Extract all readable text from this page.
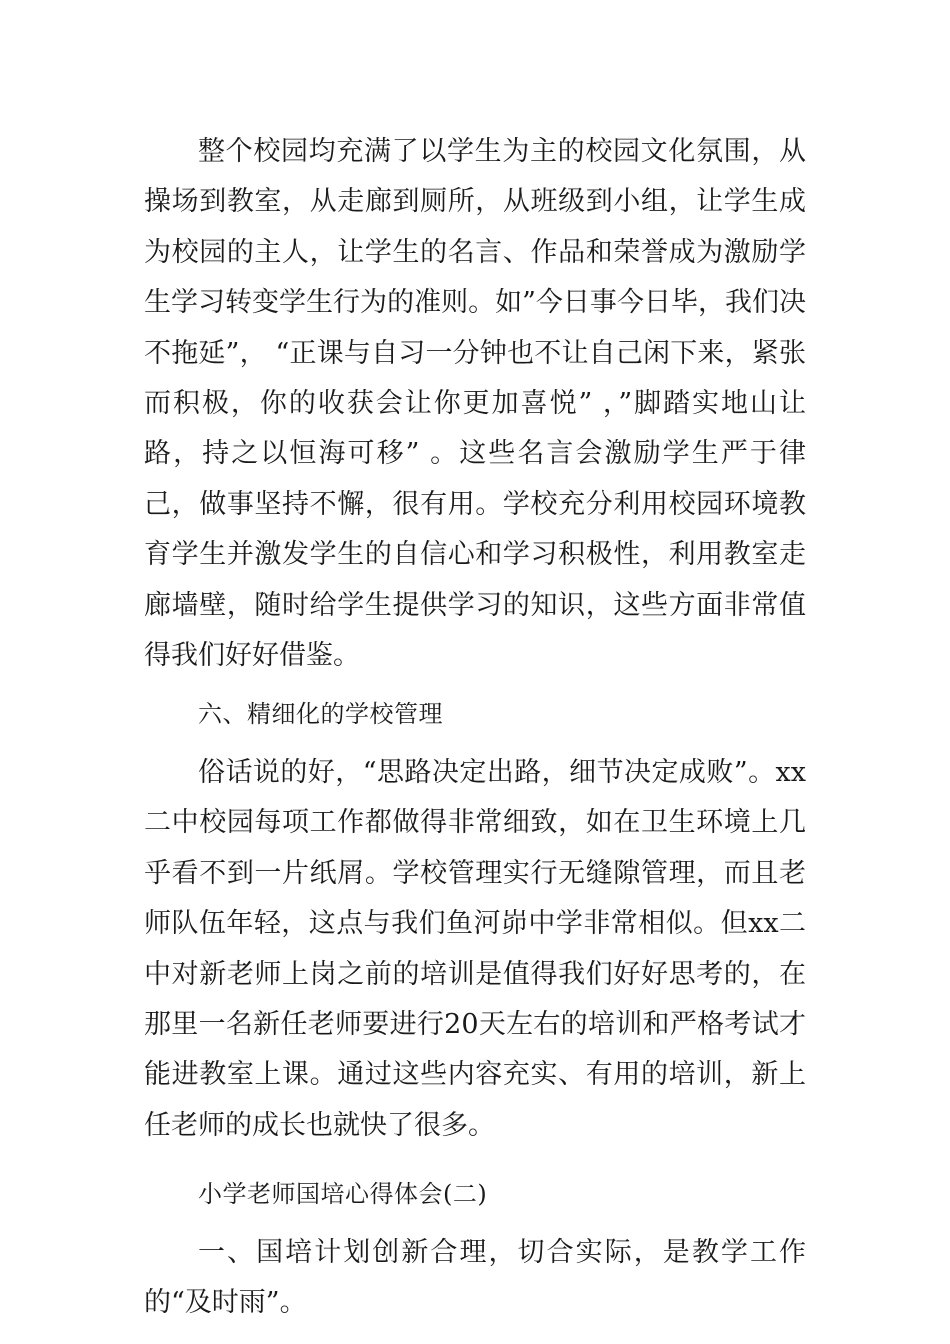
整个校园均充满了以学生为主的校园文化氛围，从操场到教室，从走廊到厕所，从班级到小组，让学生成为校园的主人，让学生的名言、作品和荣誉成为激励学生学习转变学生行为的准则。如”今日事今日毕，我们决不拖延”， “正课与自习一分钟也不让自己闲下来，紧张而积极，你的收获会让你更加喜悦” ，”脚踏实地山让路，持之以恒海可移” 。这些名言会激励学生严于律己，做事坚持不懈，很有用。学校充分利用校园环境教育学生并激发学生的自信心和学习积极性，利用教室走廊墙壁，随时给学生提供学习的知识，这些方面非常值得我们好好借鉴。

六、精细化的学校管理

俗话说的好，“思路决定出路，细节决定成败”。xx二中校园每项工作都做得非常细致，如在卫生环境上几乎看不到一片纸屑。学校管理实行无缝隙管理，而且老师队伍年轻，这点与我们鱼河峁中学非常相似。但xx二中对新老师上岗之前的培训是值得我们好好思考的，在那里一名新任老师要进行20天左右的培训和严格考试才能进教室上课。通过这些内容充实、有用的培训，新上任老师的成长也就快了很多。

小学老师国培心得体会(二)

一、国培计划创新合理，切合实际，是教学工作的“及时雨”。
